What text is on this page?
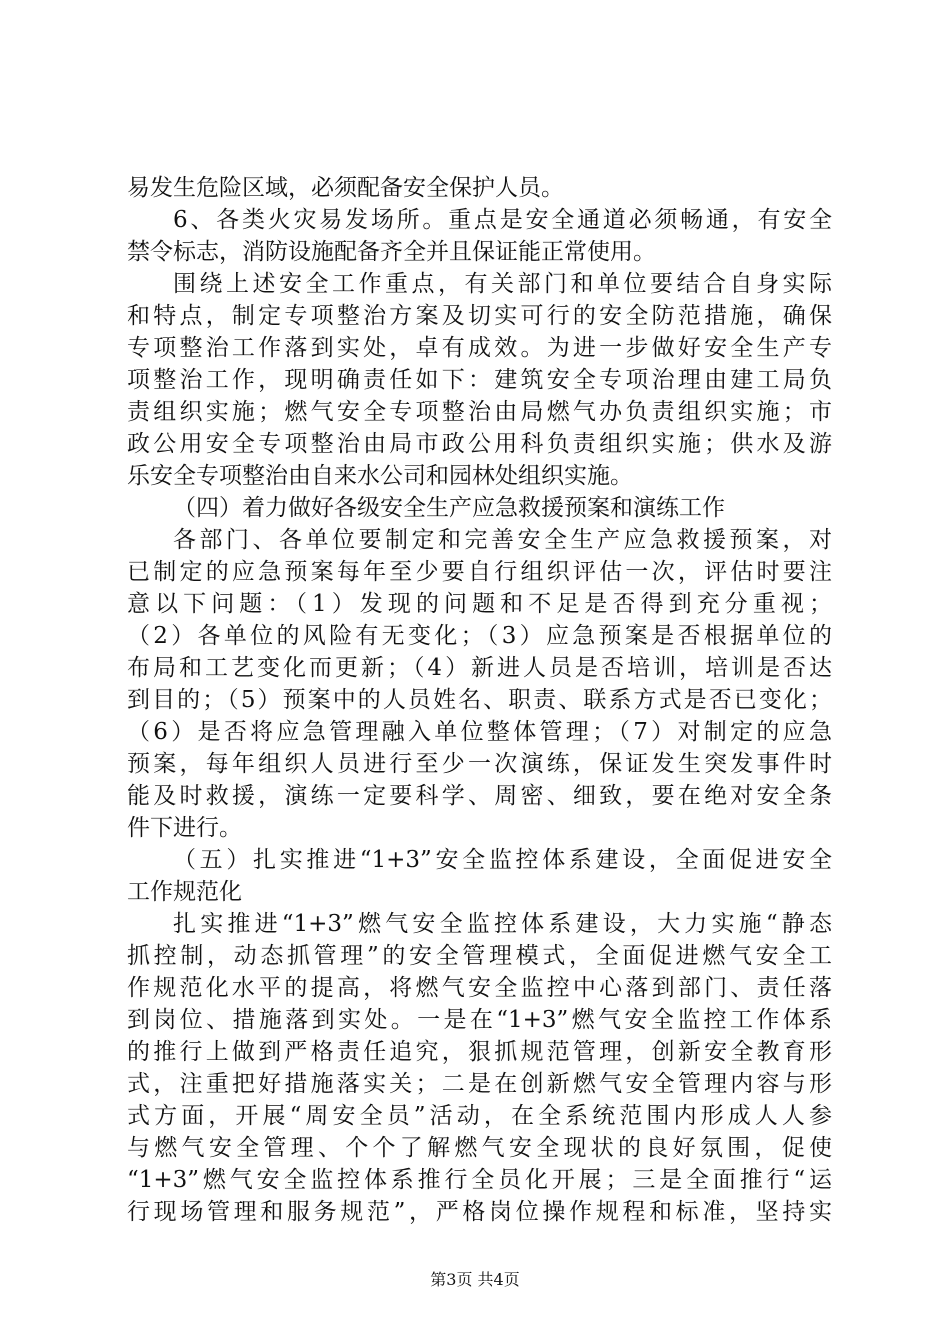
易发生危险区域，必须配备安全保护人员。
6、各类火灾易发场所。重点是安全通道必须畅通，有安全
禁令标志，消防设施配备齐全并且保证能正常使用。
围绕上述安全工作重点，有关部门和单位要结合自身实际
和特点，制定专项整治方案及切实可行的安全防范措施，确保
专项整治工作落到实处，卓有成效。为进一步做好安全生产专
项整治工作，现明确责任如下：建筑安全专项治理由建工局负
责组织实施；燃气安全专项整治由局燃气办负责组织实施；市
政公用安全专项整治由局市政公用科负责组织实施；供水及游
乐安全专项整治由自来水公司和园林处组织实施。
（四）着力做好各级安全生产应急救援预案和演练工作
各部门、各单位要制定和完善安全生产应急救援预案，对
已制定的应急预案每年至少要自行组织评估一次，评估时要注
意以下问题：（1）发现的问题和不足是否得到充分重视；
（2）各单位的风险有无变化；（3）应急预案是否根据单位的
布局和工艺变化而更新；（4）新进人员是否培训，培训是否达
到目的；（5）预案中的人员姓名、职责、联系方式是否已变化；
（6）是否将应急管理融入单位整体管理；（7）对制定的应急
预案，每年组织人员进行至少一次演练，保证发生突发事件时
能及时救援，演练一定要科学、周密、细致，要在绝对安全条
件下进行。
（五）扎实推进“1+3”安全监控体系建设，全面促进安全
工作规范化
扎实推进“1+3”燃气安全监控体系建设，大力实施“静态
抓控制，动态抓管理”的安全管理模式，全面促进燃气安全工
作规范化水平的提高，将燃气安全监控中心落到部门、责任落
到岗位、措施落到实处。一是在“1+3”燃气安全监控工作体系
的推行上做到严格责任追究，狠抓规范管理，创新安全教育形
式，注重把好措施落实关；二是在创新燃气安全管理内容与形
式方面，开展“周安全员”活动，在全系统范围内形成人人参
与燃气安全管理、个个了解燃气安全现状的良好氛围，促使
“1+3”燃气安全监控体系推行全员化开展；三是全面推行“运
行现场管理和服务规范”，严格岗位操作规程和标准，坚持实
第3页 共4页
